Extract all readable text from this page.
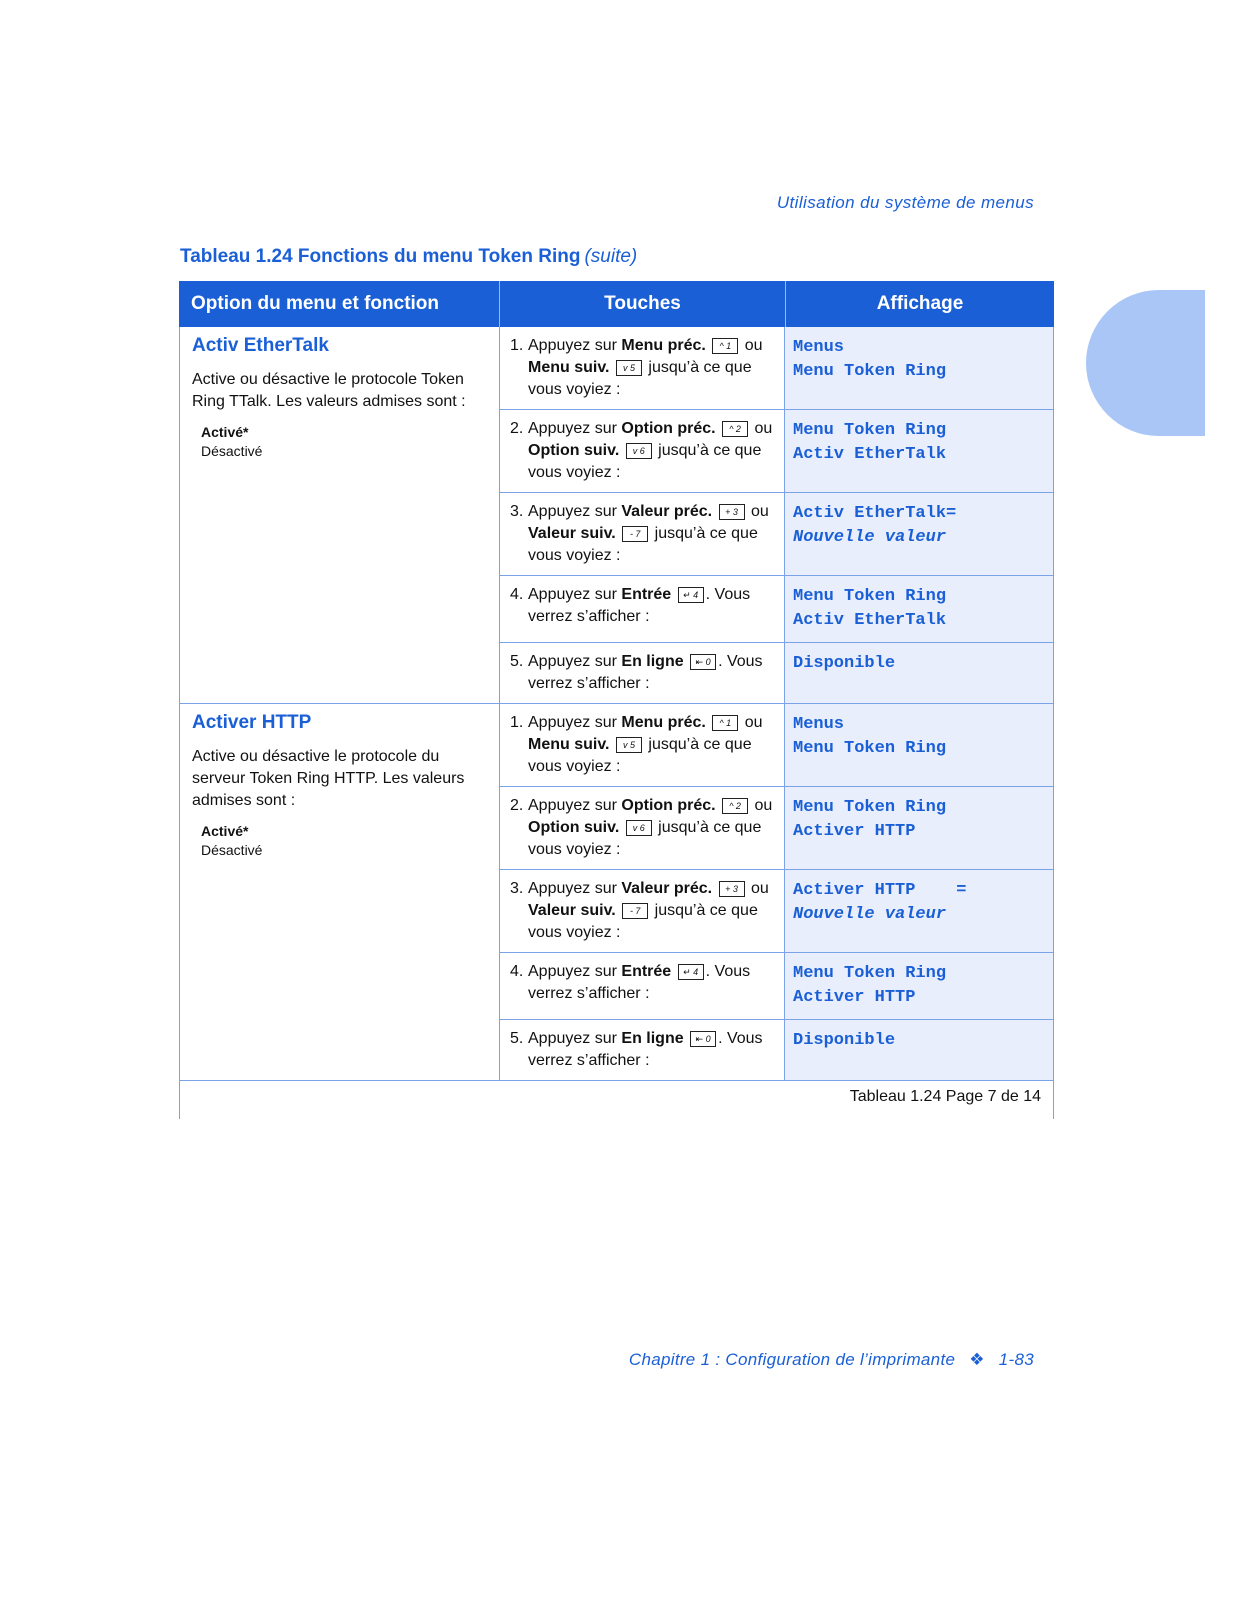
Utilisation du système de menus
Tableau 1.24 Fonctions du menu Token Ring (suite)
Option du menu et fonction	Touches	Affichage
Activ EtherTalk
Active ou désactive le protocole Token Ring TTalk. Les valeurs admises sont :
Activé*
Désactivé
1. Appuyez sur Menu préc. ^ 1 ou Menu suiv. v 5 jusqu’à ce que vous voyiez :
Menus
Menu Token Ring
2. Appuyez sur Option préc. ^ 2 ou Option suiv. v 6 jusqu’à ce que vous voyiez :
Menu Token Ring
Activ EtherTalk
3. Appuyez sur Valeur préc. + 3 ou Valeur suiv. - 7 jusqu’à ce que vous voyiez :
Activ EtherTalk=
Nouvelle valeur
4. Appuyez sur Entrée ↵ 4 . Vous verrez s’afficher :
Menu Token Ring
Activ EtherTalk
5. Appuyez sur En ligne ⇤ 0 . Vous verrez s’afficher :
Disponible
Activer HTTP
Active ou désactive le protocole du serveur Token Ring HTTP. Les valeurs admises sont :
Activé*
Désactivé
1. Appuyez sur Menu préc. ^ 1 ou Menu suiv. v 5 jusqu’à ce que vous voyiez :
Menus
Menu Token Ring
2. Appuyez sur Option préc. ^ 2 ou Option suiv. v 6 jusqu’à ce que vous voyiez :
Menu Token Ring
Activer HTTP
3. Appuyez sur Valeur préc. + 3 ou Valeur suiv. - 7 jusqu’à ce que vous voyiez :
Activer HTTP    =
Nouvelle valeur
4. Appuyez sur Entrée ↵ 4 . Vous verrez s’afficher :
Menu Token Ring
Activer HTTP
5. Appuyez sur En ligne ⇤ 0 . Vous verrez s’afficher :
Disponible
Tableau 1.24 Page 7 de 14
Chapitre 1 : Configuration de l’imprimante ❖ 1-83
